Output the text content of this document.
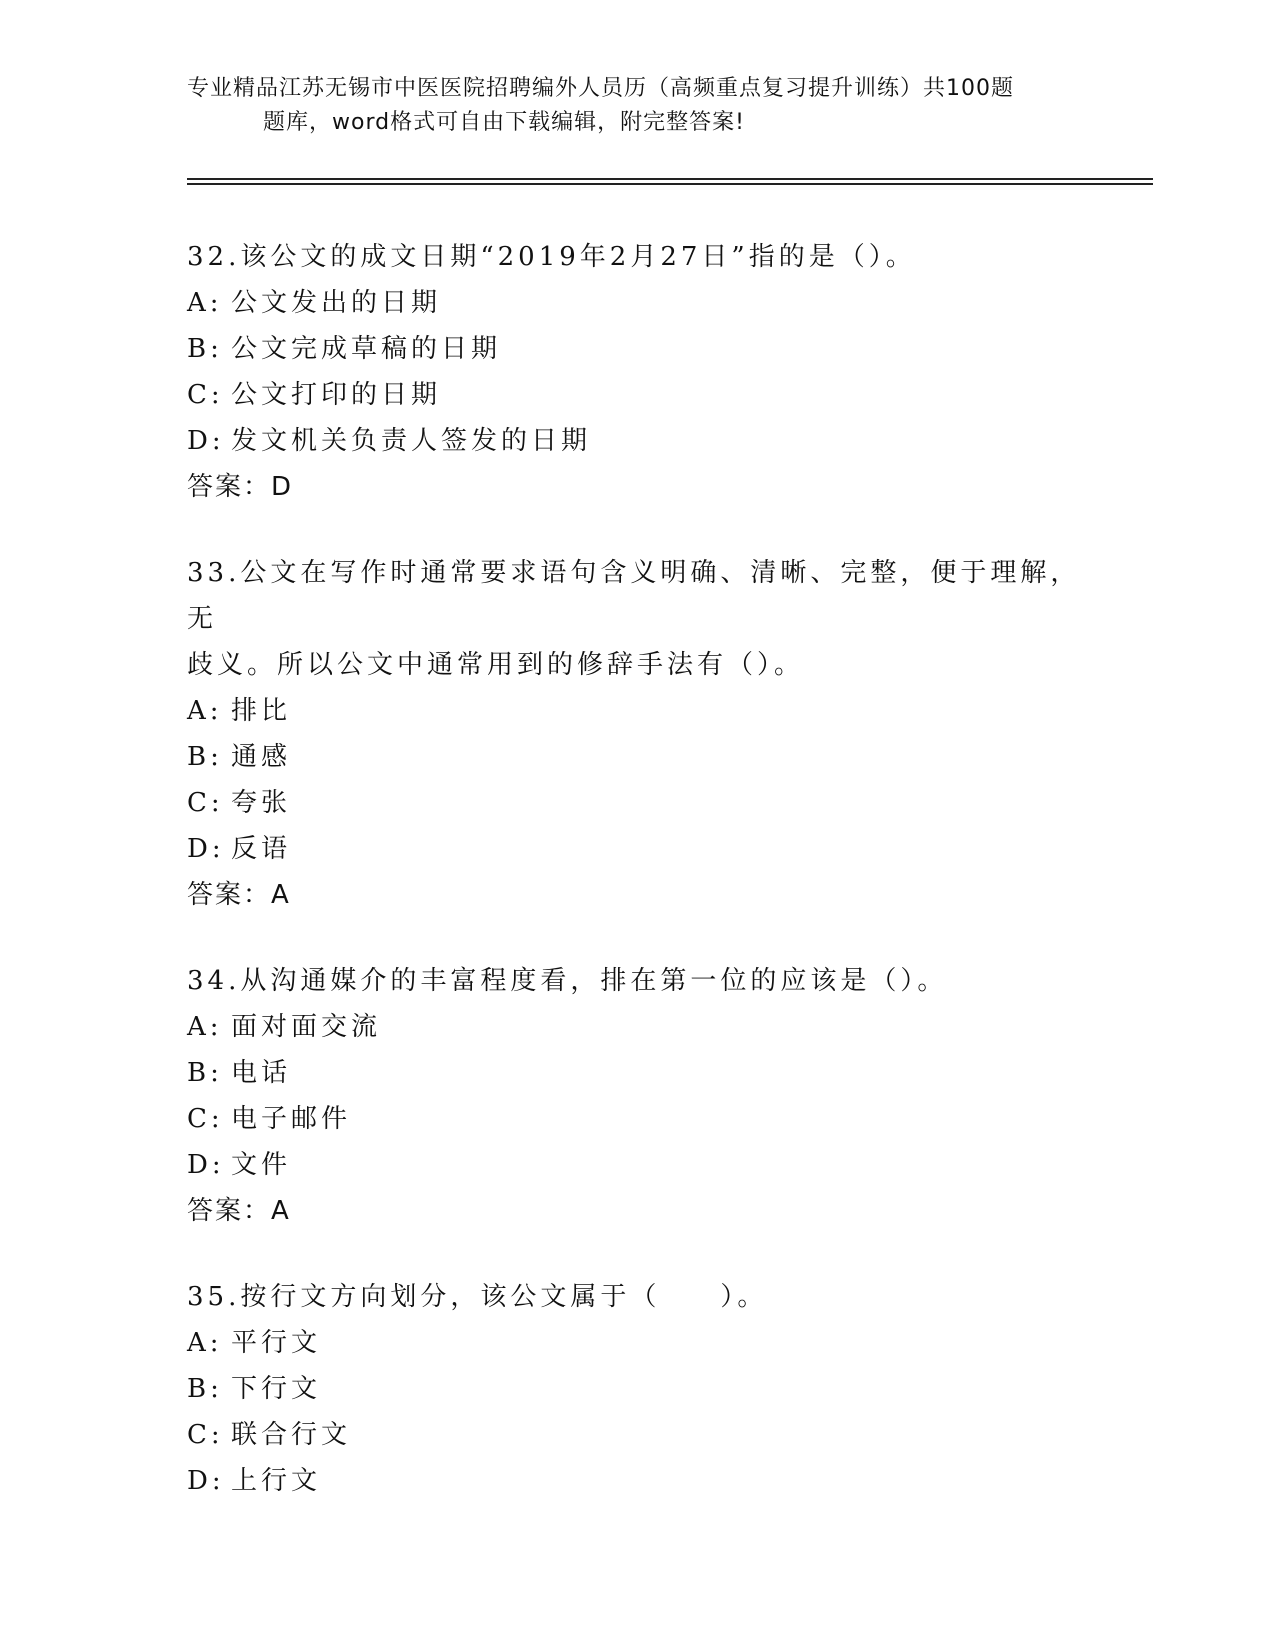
专业精品江苏无锡市中医医院招聘编外人员历（高频重点复习提升训练）共100题
题库，word格式可自由下载编辑，附完整答案!

32.该公文的成文日期“2019年2月27日”指的是（）。

A: 公文发出的日期

B: 公文完成草稿的日期

C: 公文打印的日期

D: 发文机关负责人签发的日期

答案：D

33.公文在写作时通常要求语句含义明确、清晰、完整，便于理解，无

歧义。所以公文中通常用到的修辞手法有（）。

A: 排比

B: 通感

C: 夸张

D: 反语

答案：A

34.从沟通媒介的丰富程度看，排在第一位的应该是（）。

A: 面对面交流

B: 电话

C: 电子邮件

D: 文件

答案：A

35.按行文方向划分，该公文属于（　　）。

A: 平行文

B: 下行文

C: 联合行文

D: 上行文
